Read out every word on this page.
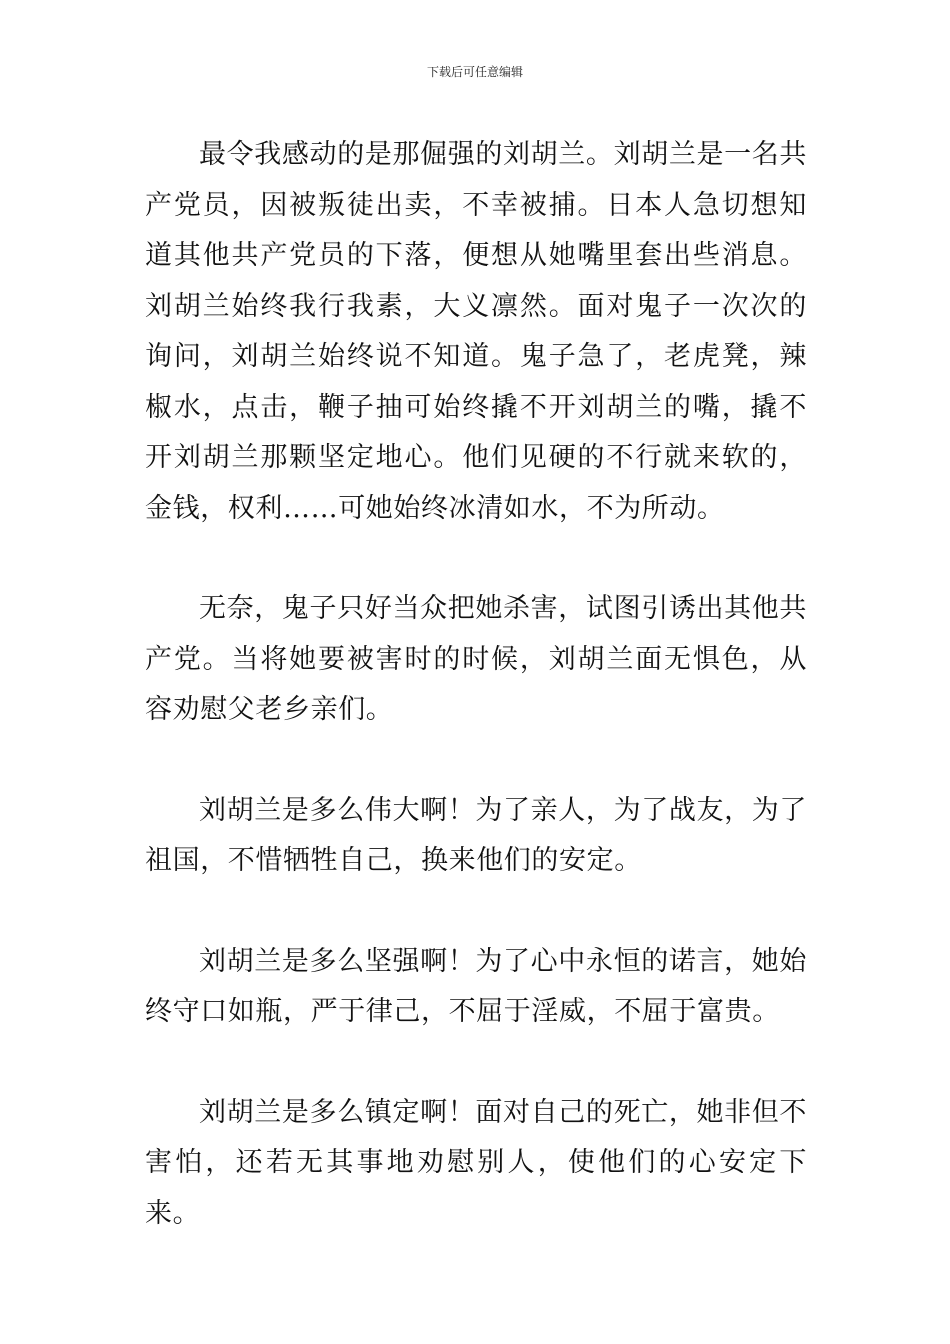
下载后可任意编辑

最令我感动的是那倔强的刘胡兰。刘胡兰是一名共产党员，因被叛徒出卖，不幸被捕。日本人急切想知道其他共产党员的下落，便想从她嘴里套出些消息。刘胡兰始终我行我素，大义凛然。面对鬼子一次次的询问，刘胡兰始终说不知道。鬼子急了，老虎凳，辣椒水，点击，鞭子抽可始终撬不开刘胡兰的嘴，撬不开刘胡兰那颗坚定地心。他们见硬的不行就来软的，金钱，权利……可她始终冰清如水，不为所动。

无奈，鬼子只好当众把她杀害，试图引诱出其他共产党。当将她要被害时的时候，刘胡兰面无惧色，从容劝慰父老乡亲们。

刘胡兰是多么伟大啊！为了亲人，为了战友，为了祖国，不惜牺牲自己，换来他们的安定。

刘胡兰是多么坚强啊！为了心中永恒的诺言，她始终守口如瓶，严于律己，不屈于淫威，不屈于富贵。

刘胡兰是多么镇定啊！面对自己的死亡，她非但不害怕，还若无其事地劝慰别人，使他们的心安定下来。
